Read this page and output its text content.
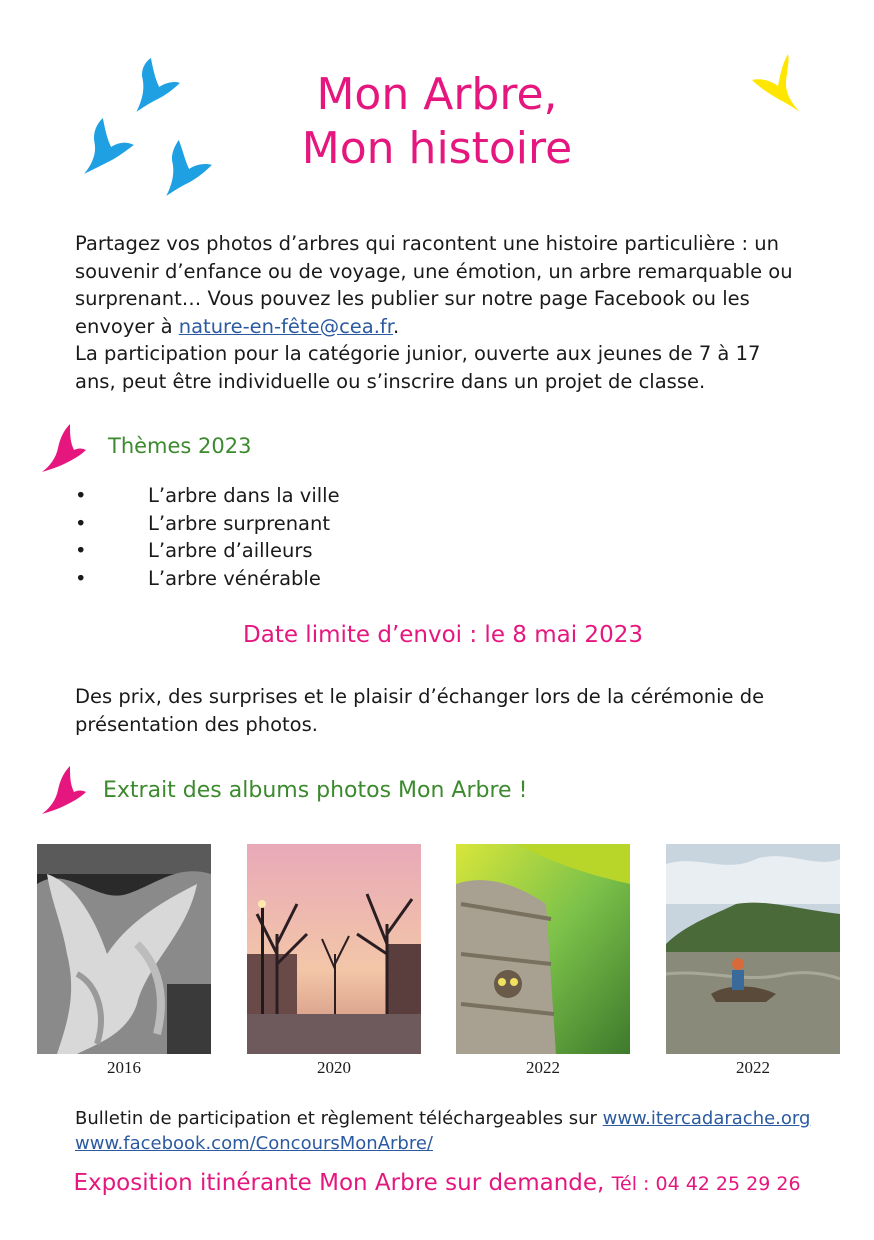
Mon Arbre,
Mon histoire
Partagez vos photos d’arbres qui racontent une histoire particulière : un souvenir d’enfance ou de voyage, une émotion, un arbre remarquable ou surprenant… Vous pouvez les publier sur notre page Facebook ou les envoyer à nature-en-fête@cea.fr.
La participation pour la catégorie junior, ouverte aux jeunes de 7 à 17 ans, peut être individuelle ou s’inscrire dans un projet de classe.
Thèmes 2023
•	L’arbre dans la ville
•	L’arbre surprenant
•	L’arbre d’ailleurs
•	L’arbre vénérable
Date limite d’envoi : le 8 mai 2023
Des prix, des surprises et le plaisir d’échanger lors de la cérémonie de présentation des photos.
Extrait des albums photos Mon Arbre !
2016	2020	2022	2022
Bulletin de participation et règlement téléchargeables sur www.itercadarache.org
www.facebook.com/ConcoursMonArbre/
Exposition itinérante Mon Arbre sur demande, Tél : 04 42 25 29 26
